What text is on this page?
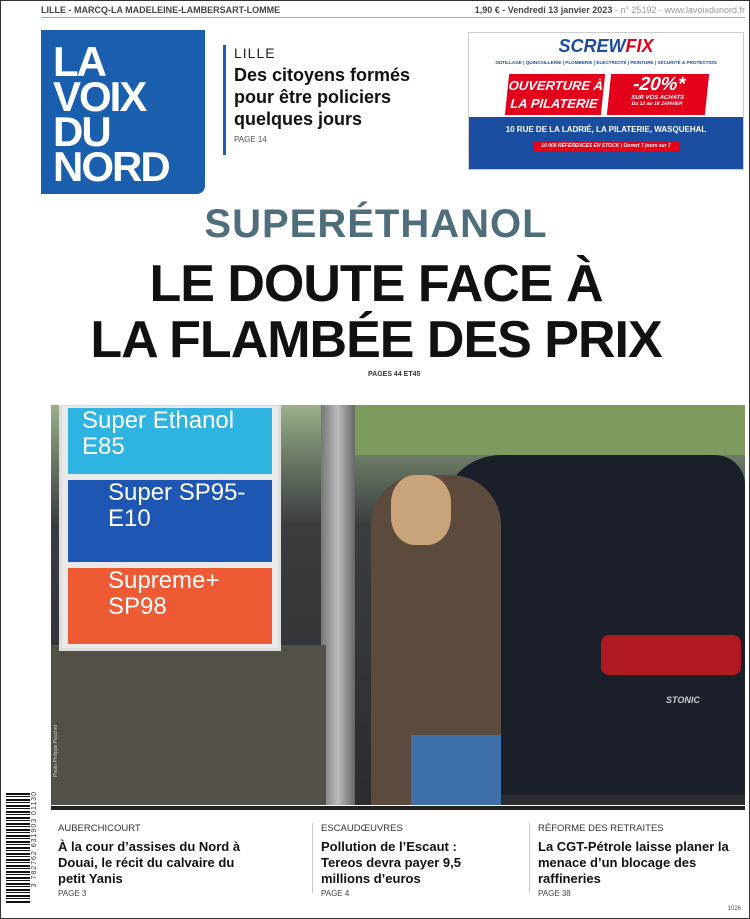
LILLE - MARCQ-LA MADELEINE-LAMBERSART-LOMME	1,90 € - Vendredi 13 janvier 2023 - n° 25192 - www.lavoixdunord.fr
LA
VOIX
DU
NORD
LILLE
Des citoyens formés pour être policiers quelques jours
PAGE 14
SCREWFIX
OUTILLAGE | QUINCAILLERIE | PLOMBERIE | ÉLECTRICITÉ | PEINTURE | SÉCURITÉ & PROTECTION
OUVERTURE À LA PILATERIE
-20%*
SUR VOS ACHATS
Du 12 au 18 JANVIER
10 RUE DE LA LADRIÉ, LA PILATERIE, WASQUEHAL
10 000 RÉFÉRENCES EN STOCK | Ouvert 7 jours sur 7
SUPERÉTHANOL
LE DOUTE FACE À
LA FLAMBÉE DES PRIX
PAGES 44 ET45
STONIC
Super Ethanol E85
Super SP95-E10
Supreme+ SP98
Photo Philippe Pauchet
AUBERCHICOURT
À la cour d’assises du Nord à Douai, le récit du calvaire du petit Yanis
PAGE 3
ESCAUDŒUVRES
Pollution de l’Escaut : Tereos devra payer 9,5 millions d’euros
PAGE 4
RÉFORME DES RETRAITES
La CGT-Pétrole laisse planer la menace d’un blocage des raffineries
PAGE 38
3 782762 631903 01130
1026
